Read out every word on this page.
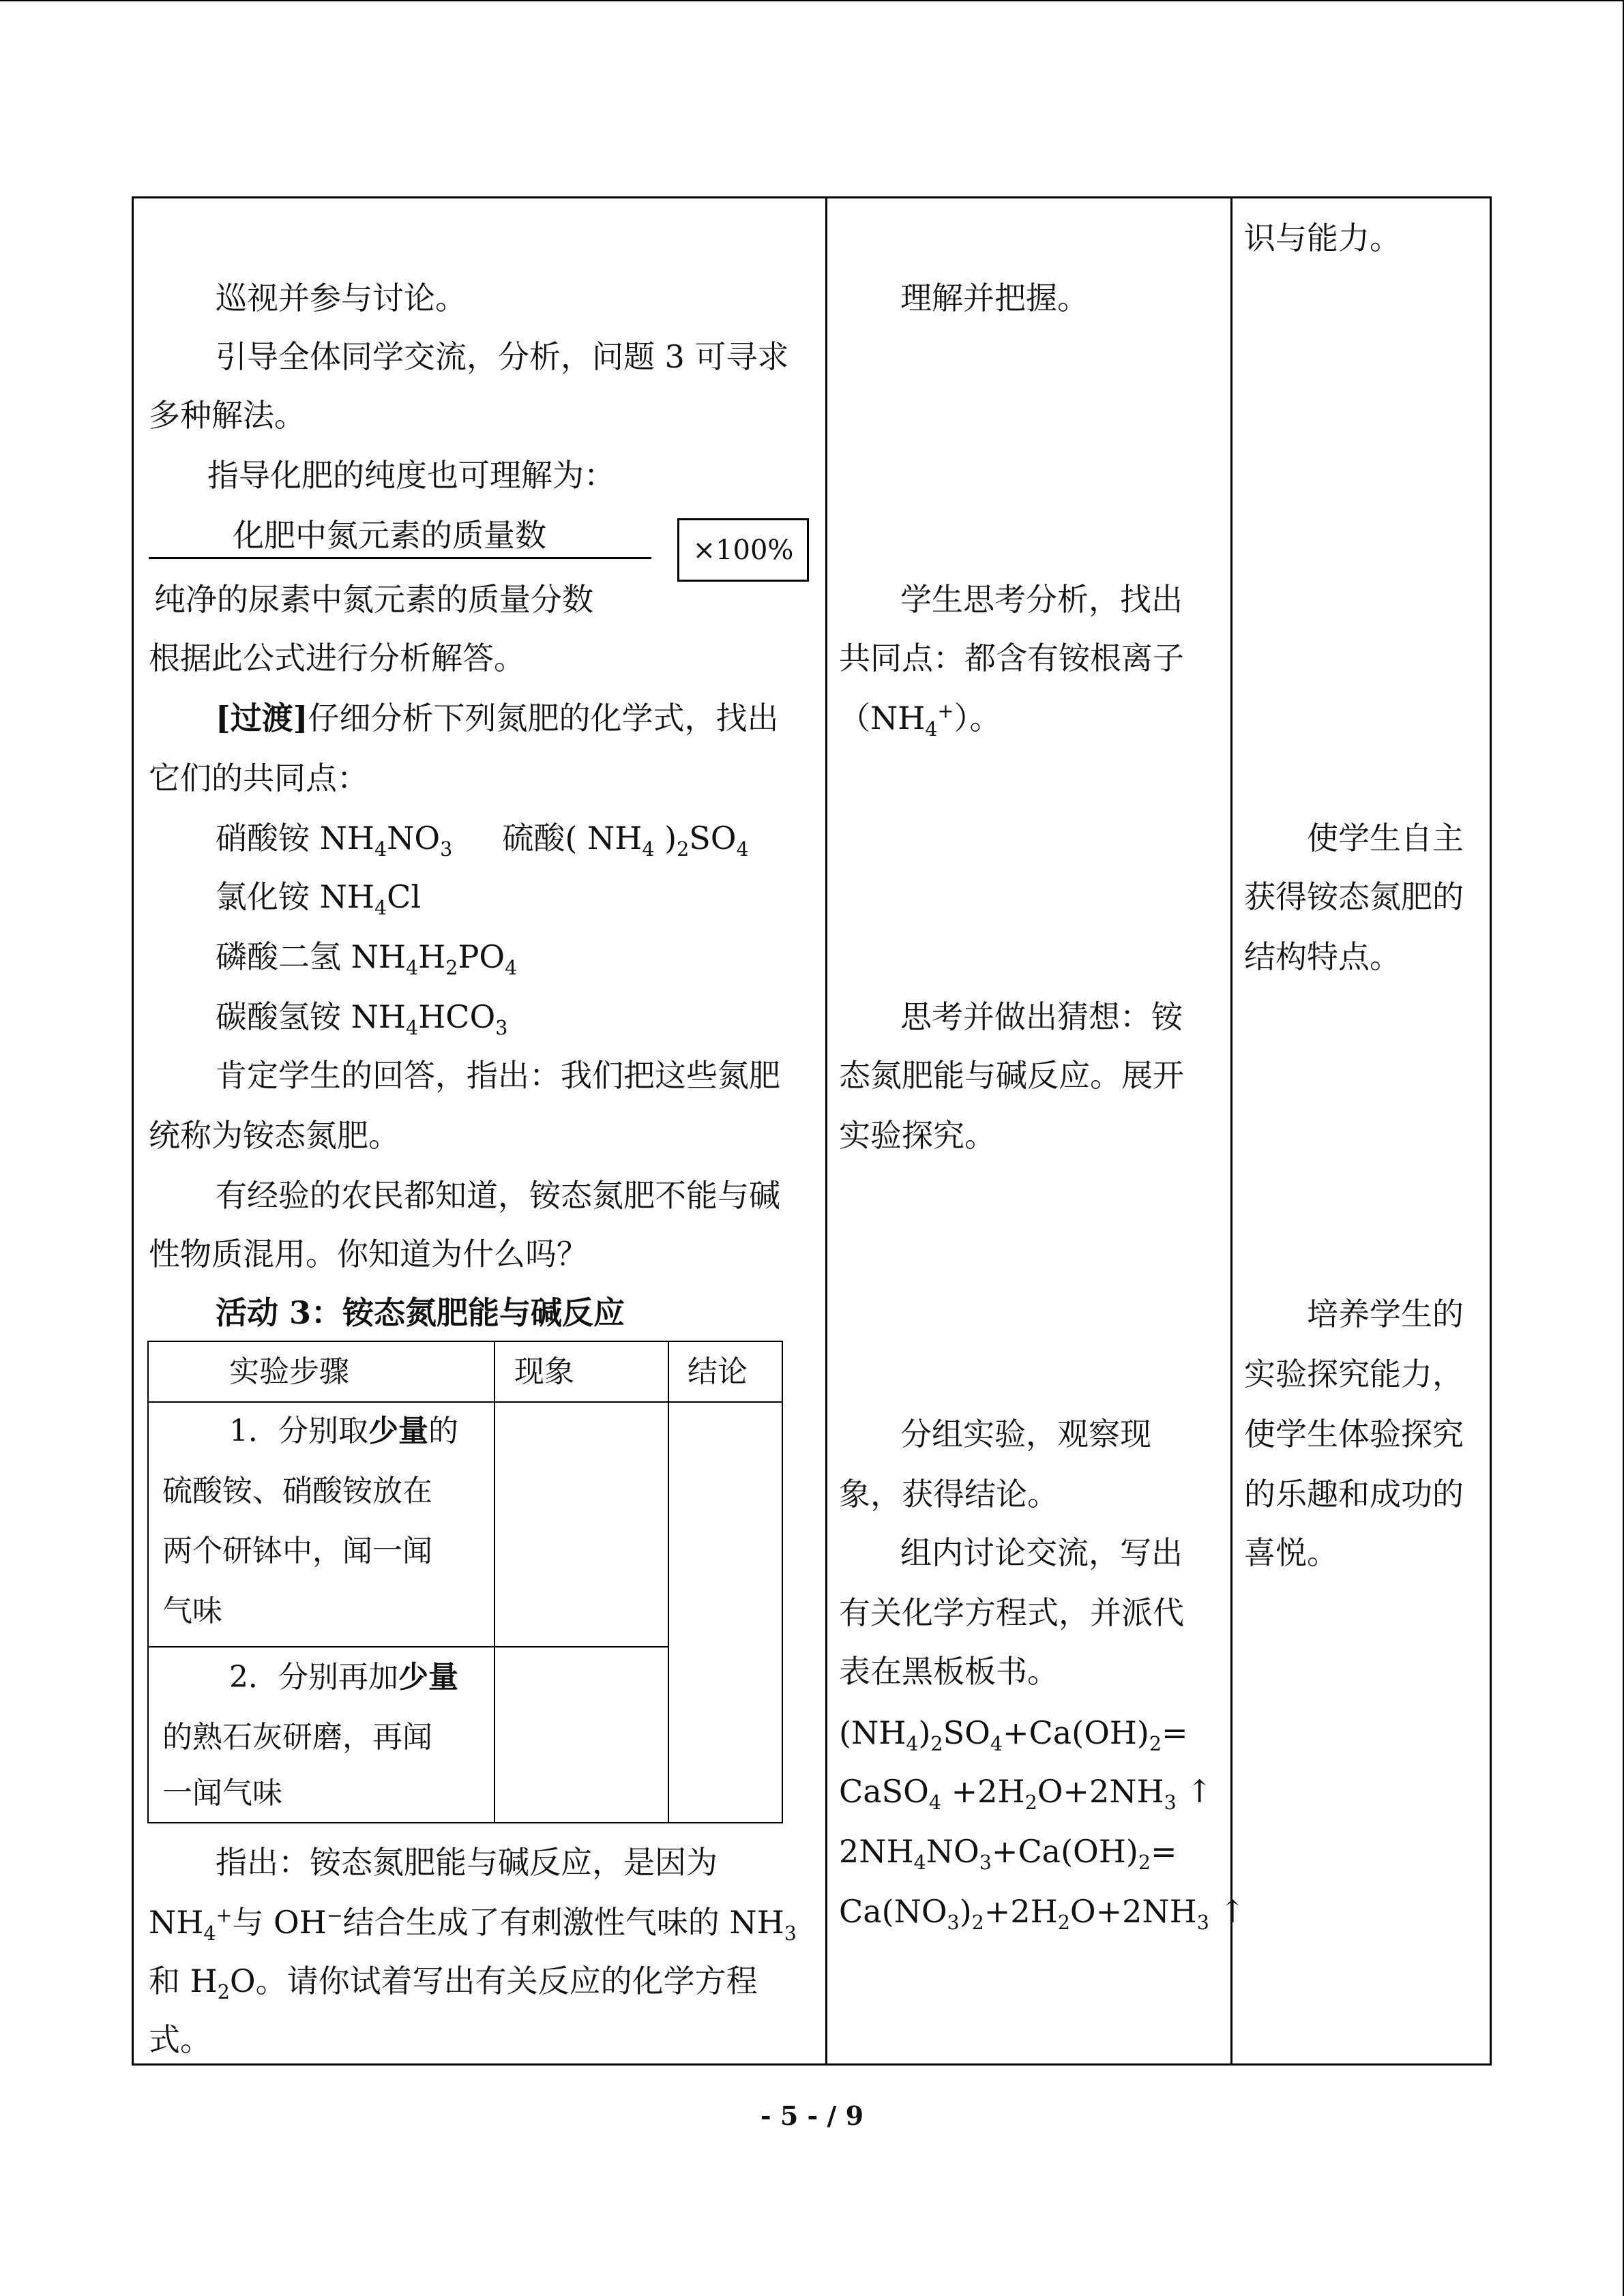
巡视并参与讨论。
引导全体同学交流，分析，问题 3 可寻求
多种解法。
指导化肥的纯度也可理解为：
化肥中氮元素的质量数	×100%
纯净的尿素中氮元素的质量分数
根据此公式进行分析解答。
[过渡]仔细分析下列氮肥的化学式，找出
它们的共同点：
硝酸铵 $NH_4NO_3$ 硫酸( $NH_4$ )$_2SO_4$
氯化铵 $NH_4Cl$
磷酸二氢 $NH_4H_2PO_4$
碳酸氢铵 $NH_4HCO_3$
肯定学生的回答，指出：我们把这些氮肥
统称为铵态氮肥。
有经验的农民都知道，铵态氮肥不能与碱
性物质混用。你知道为什么吗？
活动 3：铵态氮肥能与碱反应
实验步骤	现象	结论
1．分别取少量的
硫酸铵、硝酸铵放在
两个研钵中，闻一闻
气味
2．分别再加少量
的熟石灰研磨，再闻
一闻气味
指出：铵态氮肥能与碱反应，是因为
$NH_4^+$与 OH−结合生成了有刺激性气味的 $NH_3$
和 $H_2O$。请你试着写出有关反应的化学方程
式。
理解并把握。
学生思考分析，找出
共同点：都含有铵根离子
$(NH_4^+)$。
思考并做出猜想：铵
态氮肥能与碱反应。展开
实验探究。
分组实验，观察现
象，获得结论。
组内讨论交流，写出
有关化学方程式，并派代
表在黑板板书。
$(NH_4)_2SO_4+Ca(OH)_2=$
CaSO$_4$ $+2H_2O+2NH_3$ ↑
$2NH_4NO_3+Ca(OH)_2=$
$Ca(NO_3)_2+2H_2O+2NH_3$ ↑
识与能力。
使学生自主
获得铵态氮肥的
结构特点。
培养学生的
实验探究能力，
使学生体验探究
的乐趣和成功的
喜悦。
- 5 - / 9
